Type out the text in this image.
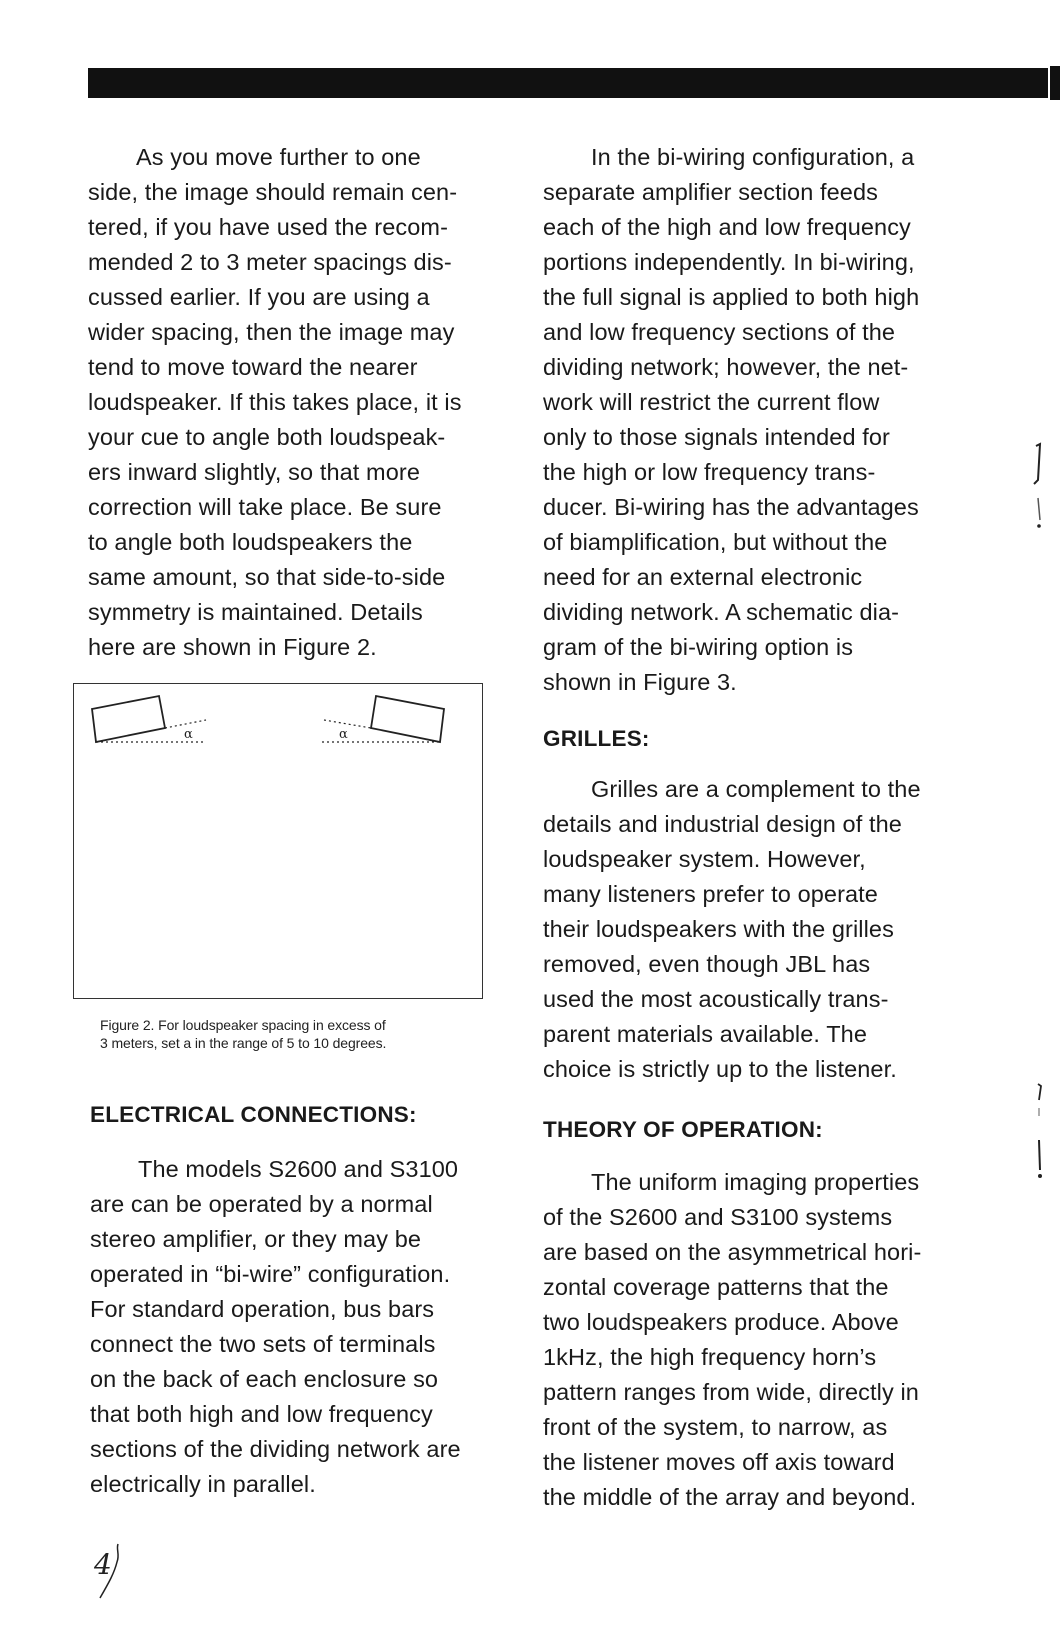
As you move further to one
side, the image should remain cen-
tered, if you have used the recom-
mended 2 to 3 meter spacings dis-
cussed earlier. If you are using a
wider spacing, then the image may
tend to move toward the nearer
loudspeaker. If this takes place, it is
your cue to angle both loudspeak-
ers inward slightly, so that more
correction will take place. Be sure
to angle both loudspeakers the
same amount, so that side-to-side
symmetry is maintained. Details
here are shown in Figure 2.
α	α
Figure 2. For loudspeaker spacing in excess of
3 meters, set a in the range of 5 to 10 degrees.
ELECTRICAL CONNECTIONS:
The models S2600 and S3100
are can be operated by a normal
stereo amplifier, or they may be
operated in “bi-wire” configuration.
For standard operation, bus bars
connect the two sets of terminals
on the back of each enclosure so
that both high and low frequency
sections of the dividing network are
electrically in parallel.
In the bi-wiring configuration, a
separate amplifier section feeds
each of the high and low frequency
portions independently. In bi-wiring,
the full signal is applied to both high
and low frequency sections of the
dividing network; however, the net-
work will restrict the current flow
only to those signals intended for
the high or low frequency trans-
ducer. Bi-wiring has the advantages
of biamplification, but without the
need for an external electronic
dividing network. A schematic dia-
gram of the bi-wiring option is
shown in Figure 3.
GRILLES:
Grilles are a complement to the
details and industrial design of the
loudspeaker system. However,
many listeners prefer to operate
their loudspeakers with the grilles
removed, even though JBL has
used the most acoustically trans-
parent materials available. The
choice is strictly up to the listener.
THEORY OF OPERATION:
The uniform imaging properties
of the S2600 and S3100 systems
are based on the asymmetrical hori-
zontal coverage patterns that the
two loudspeakers produce. Above
1kHz, the high frequency horn’s
pattern ranges from wide, directly in
front of the system, to narrow, as
the listener moves off axis toward
the middle of the array and beyond.
4
